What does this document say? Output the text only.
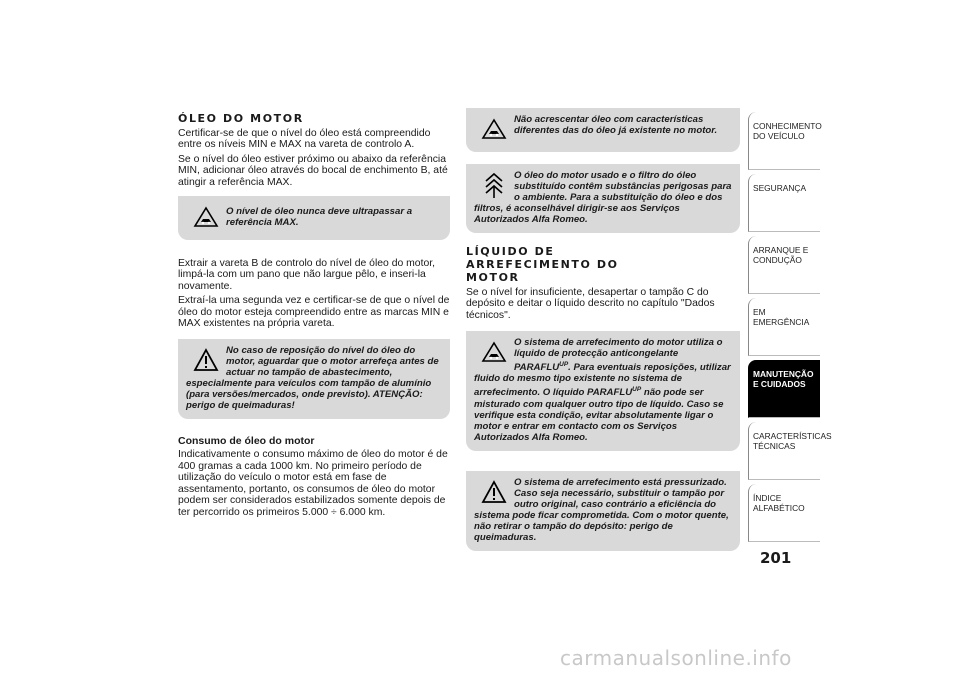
ÓLEO DO MOTOR

Certificar-se de que o nível do óleo está compreendido entre os níveis MIN e MAX na vareta de controlo A.

Se o nível do óleo estiver próximo ou abaixo da referência MIN, adicionar óleo através do bocal de enchimento B, até atingir a referência MAX.

O nível de óleo nunca deve ultrapassar a referência MAX.

Extrair a vareta B de controlo do nível de óleo do motor, limpá-la com um pano que não largue pêlo, e inseri-la novamente.

Extraí-la uma segunda vez e certificar-se de que o nível de óleo do motor esteja compreendido entre as marcas MIN e MAX existentes na própria vareta.

No caso de reposição do nível do óleo do motor, aguardar que o motor arrefeça antes de actuar no tampão de abastecimento, especialmente para veículos com tampão de alumínio (para versões/mercados, onde previsto). ATENÇÃO: perigo de queimaduras!
Consumo de óleo do motor

Indicativamente o consumo máximo de óleo do motor é de 400 gramas a cada 1000 km. No primeiro período de utilização do veículo o motor está em fase de assentamento, portanto, os consumos de óleo do motor podem ser considerados estabilizados somente depois de ter percorrido os primeiros 5.000 ÷ 6.000 km.

Não acrescentar óleo com características diferentes das do óleo já existente no motor.
O óleo do motor usado e o filtro do óleo substituído contêm substâncias perigosas para o ambiente. Para a substituição do óleo e dos filtros, é aconselhável dirigir-se aos Serviços Autorizados Alfa Romeo.
LÍQUIDO DE ARREFECIMENTO DO MOTOR

Se o nível for insuficiente, desapertar o tampão C do depósito e deitar o líquido descrito no capítulo "Dados técnicos".

O sistema de arrefecimento do motor utiliza o líquido de protecção anticongelante $PARAFLU^{UP}$. Para eventuais reposições, utilizar fluido do mesmo tipo existente no sistema de arrefecimento. O líquido $PARAFLU^{UP}$ não pode ser misturado com qualquer outro tipo de líquido. Caso se verifique esta condição, evitar absolutamente ligar o motor e entrar em contacto com os Serviços Autorizados Alfa Romeo.
O sistema de arrefecimento está pressurizado. Caso seja necessário, substituir o tampão por outro original, caso contrário a eficiência do sistema pode ficar comprometida. Com o motor quente, não retirar o tampão do depósito: perigo de queimaduras.
CONHECIMENTO DO VEÍCULO
SEGURANÇA
ARRANQUE E CONDUÇÃO
EM EMERGÊNCIA
MANUTENÇÃO E CUIDADOS
CARACTERÍSTICAS TÉCNICAS
ÍNDICE ALFABÉTICO
201
carmanualsonline.info
